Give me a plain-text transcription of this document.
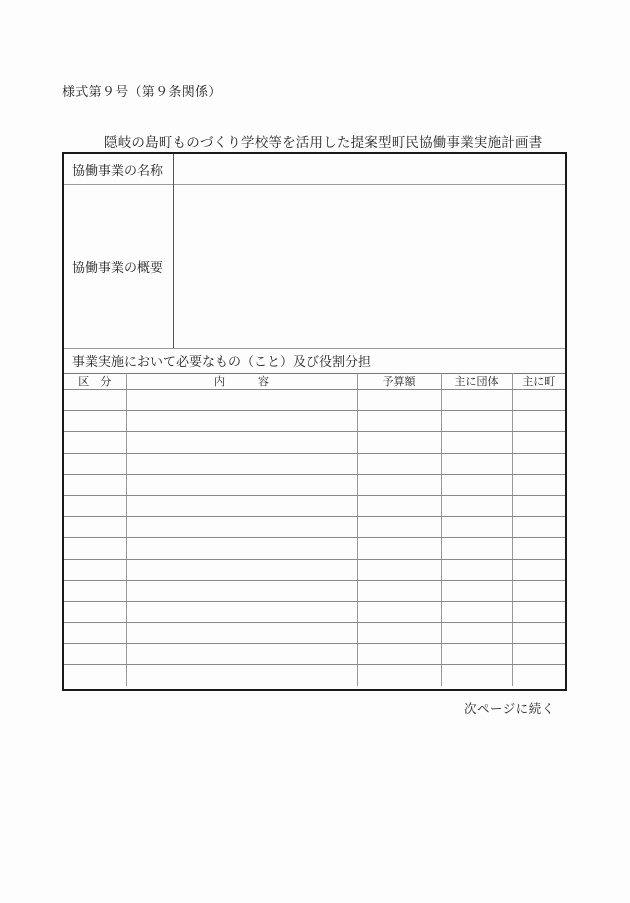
様式第９号（第９条関係）
隠岐の島町ものづくり学校等を活用した提案型町民協働事業実施計画書
協働事業の名称
協働事業の概要
事業実施において必要なもの（こと）及び役割分担
区　分	内　　　容	予算額	主に団体	主に町

次ページに続く
